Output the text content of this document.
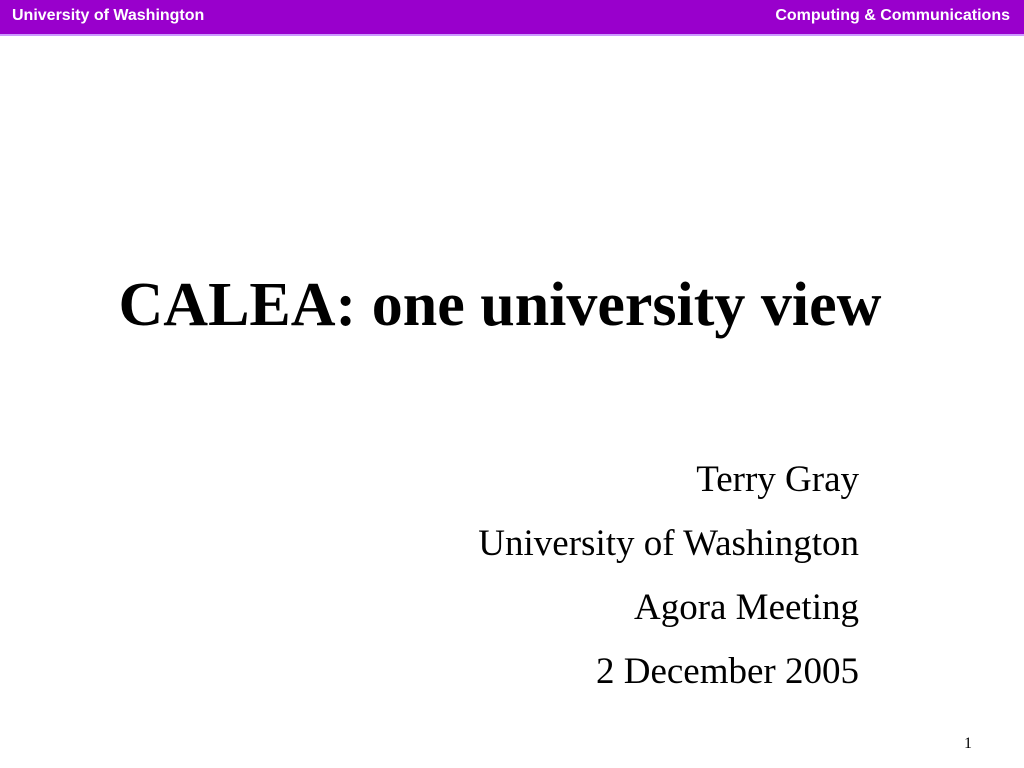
University of Washington	Computing & Communications
CALEA: one university view
Terry Gray
University of Washington
Agora Meeting
2 December 2005
1
